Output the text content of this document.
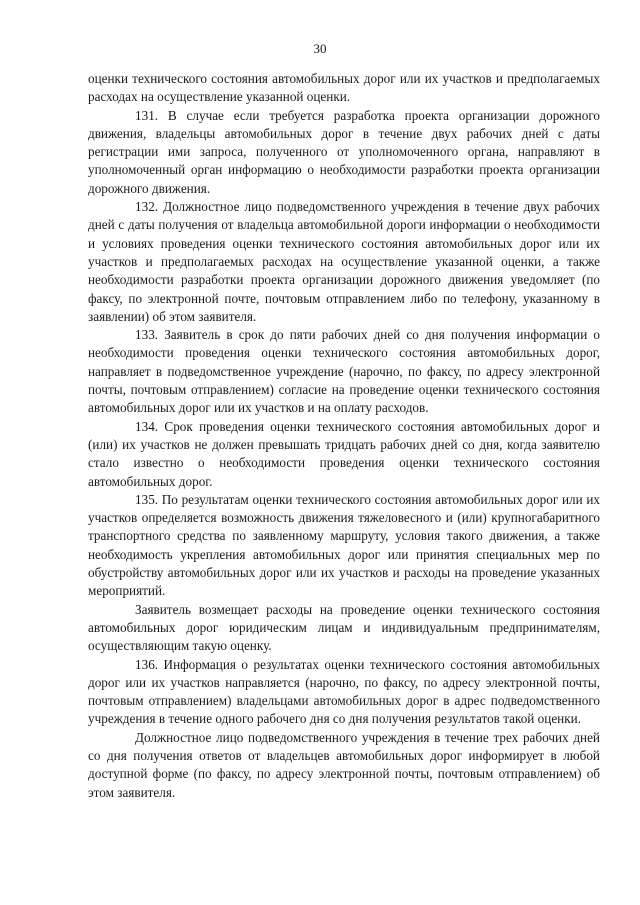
30

оценки технического состояния автомобильных дорог или их участков и предполагаемых расходах на осуществление указанной оценки.

131. В случае если требуется разработка проекта организации дорожного движения, владельцы автомобильных дорог в течение двух рабочих дней с даты регистрации ими запроса, полученного от уполномоченного органа, направляют в уполномоченный орган информацию о необходимости разработки проекта организации дорожного движения.

132. Должностное лицо подведомственного учреждения в течение двух рабочих дней с даты получения от владельца автомобильной дороги информации о необходимости и условиях проведения оценки технического состояния автомобильных дорог или их участков и предполагаемых расходах на осуществление указанной оценки, а также необходимости разработки проекта организации дорожного движения уведомляет (по факсу, по электронной почте, почтовым отправлением либо по телефону, указанному в заявлении) об этом заявителя.

133. Заявитель в срок до пяти рабочих дней со дня получения информации о необходимости проведения оценки технического состояния автомобильных дорог, направляет в подведомственное учреждение (нарочно, по факсу, по адресу электронной почты, почтовым отправлением) согласие на проведение оценки технического состояния автомобильных дорог или их участков и на оплату расходов.

134. Срок проведения оценки технического состояния автомобильных дорог и (или) их участков не должен превышать тридцать рабочих дней со дня, когда заявителю стало известно о необходимости проведения оценки технического состояния автомобильных дорог.

135. По результатам оценки технического состояния автомобильных дорог или их участков определяется возможность движения тяжеловесного и (или) крупногабаритного транспортного средства по заявленному маршруту, условия такого движения, а также необходимость укрепления автомобильных дорог или принятия специальных мер по обустройству автомобильных дорог или их участков и расходы на проведение указанных мероприятий.

Заявитель возмещает расходы на проведение оценки технического состояния автомобильных дорог юридическим лицам и индивидуальным предпринимателям, осуществляющим такую оценку.

136. Информация о результатах оценки технического состояния автомобильных дорог или их участков направляется (нарочно, по факсу, по адресу электронной почты, почтовым отправлением) владельцами автомобильных дорог в адрес подведомственного учреждения в течение одного рабочего дня со дня получения результатов такой оценки.

Должностное лицо подведомственного учреждения в течение трех рабочих дней со дня получения ответов от владельцев автомобильных дорог информирует в любой доступной форме (по факсу, по адресу электронной почты, почтовым отправлением) об этом заявителя.
